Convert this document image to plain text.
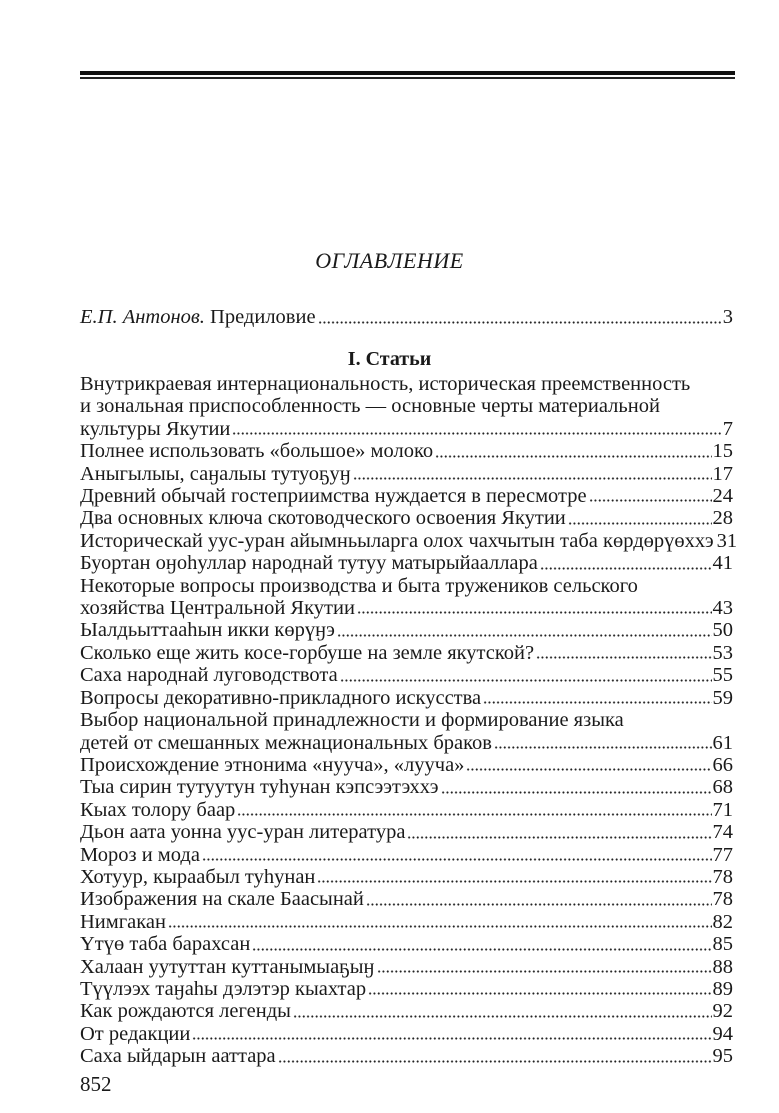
ОГЛАВЛЕНИЕ
Е.П. Антонов. Предиловие	3
I. Статьи
Внутрикраевая интернациональность, историческая преемственность
и зональная приспособленность — основные черты материальной
культуры Якутии	7
Полнее использовать «большое» молоко	15
Аныгылыы, саӈалыы тутуоҕуӈ	17
Древний обычай гостеприимства нуждается в пересмотре	24
Два основных ключа скотоводческого освоения Якутии	28
Историческай уус-уран айымньыларга олох чахчытын таба көрдөрүөххэ 31
Буортан оӈоһуллар народнай тутуу матырыйааллара	41
Некоторые вопросы производства и быта тружеников сельского
хозяйства Центральной Якутии	43
Ыалдьыттааһын икки көрүӈэ	50
Сколько еще жить косе-горбуше на земле якутской?	53
Саха народнай луговодствота	55
Вопросы декоративно-прикладного искусства	59
Выбор национальной принадлежности и формирование языка
детей от смешанных межнациональных браков	61
Происхождение этнонима «нууча», «лууча»	66
Тыа сирин тутуутун туһунан кэпсээтэххэ	68
Кыах толору баар	71
Дьон аата уонна уус-уран литература	74
Мороз и мода	77
Хотуур, кыраабыл туһунан	78
Изображения на скале Баасынай	78
Нимгакан	82
Үтүө таба барахсан	85
Халаан уутуттан куттанымыаҕыӈ	88
Түүлээх таӈаһы дэлэтэр кыахтар	89
Как рождаются легенды	92
От редакции	94
Саха ыйдарын ааттара	95
852
